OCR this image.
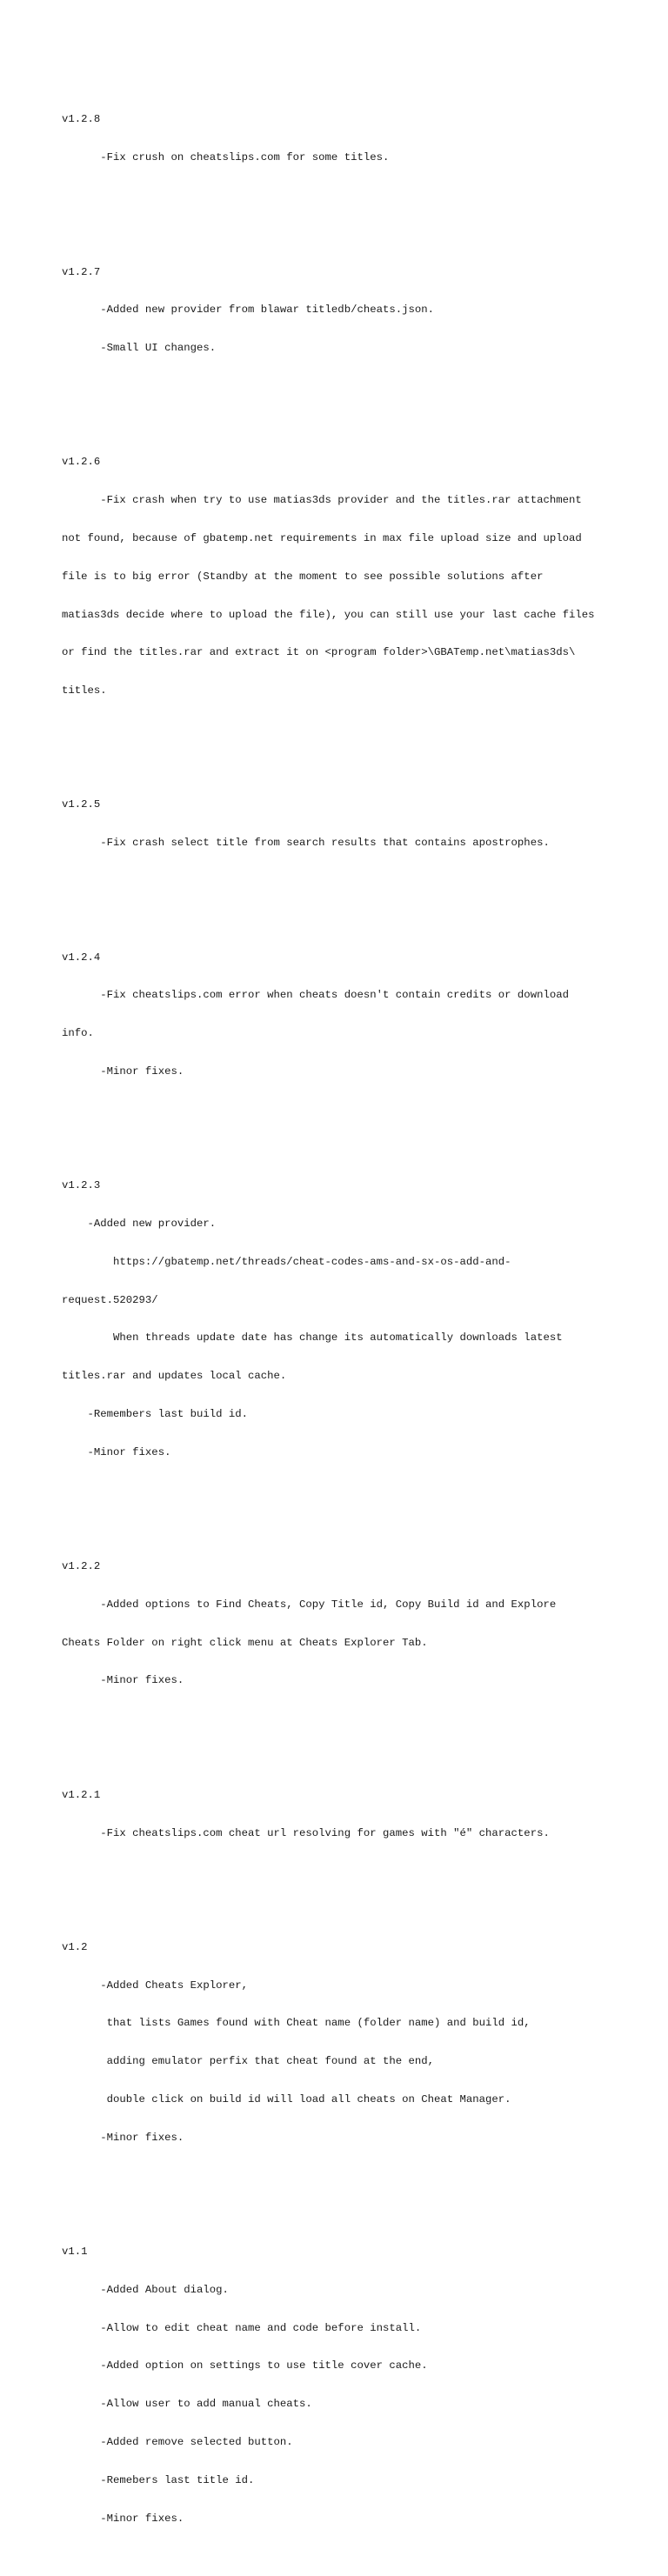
v1.2.8

-Fix crush on cheatslips.com for some titles.

v1.2.7

-Added new provider from blawar titledb/cheats.json.

-Small UI changes.

v1.2.6

-Fix crash when try to use matias3ds provider and the titles.rar attachment

not found, because of gbatemp.net requirements in max file upload size and upload

file is to big error (Standby at the moment to see possible solutions after

matias3ds decide where to upload the file), you can still use your last cache files

or find the titles.rar and extract it on <program folder>\GBATemp.net\matias3ds\

titles.

v1.2.5

-Fix crash select title from search results that contains apostrophes.

v1.2.4

-Fix cheatslips.com error when cheats doesn't contain credits or download

info.

-Minor fixes.

v1.2.3

-Added new provider.

https://gbatemp.net/threads/cheat-codes-ams-and-sx-os-add-and-

request.520293/

When threads update date has change its automatically downloads latest

titles.rar and updates local cache.

-Remembers last build id.

-Minor fixes.

v1.2.2

-Added options to Find Cheats, Copy Title id, Copy Build id and Explore

Cheats Folder on right click menu at Cheats Explorer Tab.

-Minor fixes.

v1.2.1

-Fix cheatslips.com cheat url resolving for games with "é" characters.

v1.2

-Added Cheats Explorer,

that lists Games found with Cheat name (folder name) and build id,

adding emulator perfix that cheat found at the end,

double click on build id will load all cheats on Cheat Manager.

-Minor fixes.

v1.1

-Added About dialog.

-Allow to edit cheat name and code before install.

-Added option on settings to use title cover cache.

-Allow user to add manual cheats.

-Added remove selected button.

-Remebers last title id.

-Minor fixes.
